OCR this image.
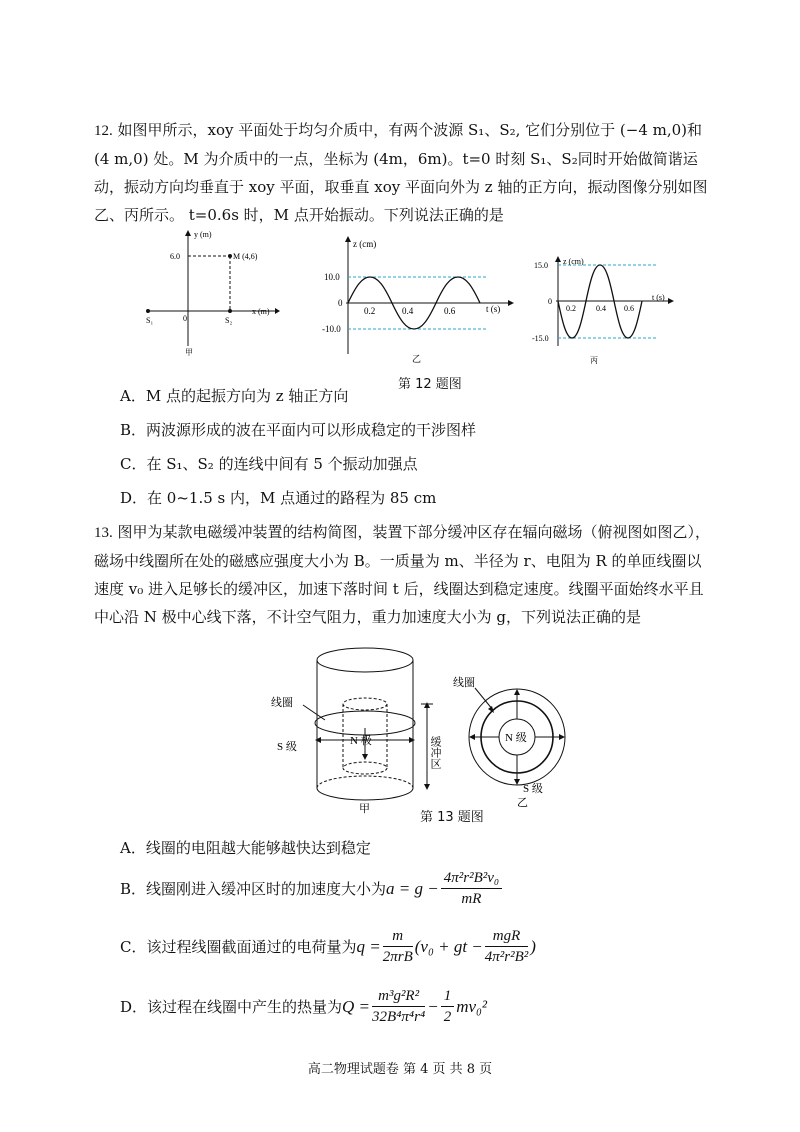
12. 如图甲所示，xoy 平面处于均匀介质中，有两个波源 S₁、S₂, 它们分别位于 (−4 m,0)和 (4 m,0) 处。M 为介质中的一点，坐标为 (4m，6m)。t=0 时刻 S₁、S₂同时开始做简谐运动，振动方向均垂直于 xoy 平面，取垂直 xoy 平面向外为 z 轴的正方向，振动图像分别如图乙、丙所示。 t=0.6s 时，M 点开始振动。下列说法正确的是
y (m)
x (m)
6.0	M (4,6)
0
S₁	S₂
甲
z (cm)
t (s)
10.0
-10.0
0
0.2	0.4	0.6
乙
z (cm)
t (s)
15.0
-15.0
0
0.2	0.4 0.6
丙
第 12 题图
A．M 点的起振方向为 z 轴正方向
B．两波源形成的波在平面内可以形成稳定的干涉图样
C．在 S₁、S₂ 的连线中间有 5 个振动加强点
D．在 0~1.5 s 内，M 点通过的路程为 85 cm
13. 图甲为某款电磁缓冲装置的结构简图，装置下部分缓冲区存在辐向磁场（俯视图如图乙），磁场中线圈所在处的磁感应强度大小为 B。一质量为 m、半径为 r、电阻为 R 的单匝线圈以速度 v₀ 进入足够长的缓冲区，加速下落时间 t 后，线圈达到稳定速度。线圈平面始终水平且中心沿 N 极中心线下落，不计空气阻力，重力加速度大小为 g，下列说法正确的是
线圈
S 级	N 极	缓冲区
甲
线圈
N 级
S 级
乙
第 13 题图
A．线圈的电阻越大能够越快达到稳定
B．线圈刚进入缓冲区时的加速度大小为 $a = g - \frac{\text{4π²r²B²v₀}}{mR}$
C．该过程线圈截面通过的电荷量为 $q = \frac{m}{\text{2πrB}} (v_0$ + gt − $\frac{\text{mgR}}{\text{4π²r²B²}}$ )
D．该过程在线圈中产生的热量为 $Q = \frac{\text{m³g²R²}}{\text{32B⁴π⁴r⁴}} - \frac{1}{2} mv_0^2$
高二物理试题卷 第 4 页 共 8 页
